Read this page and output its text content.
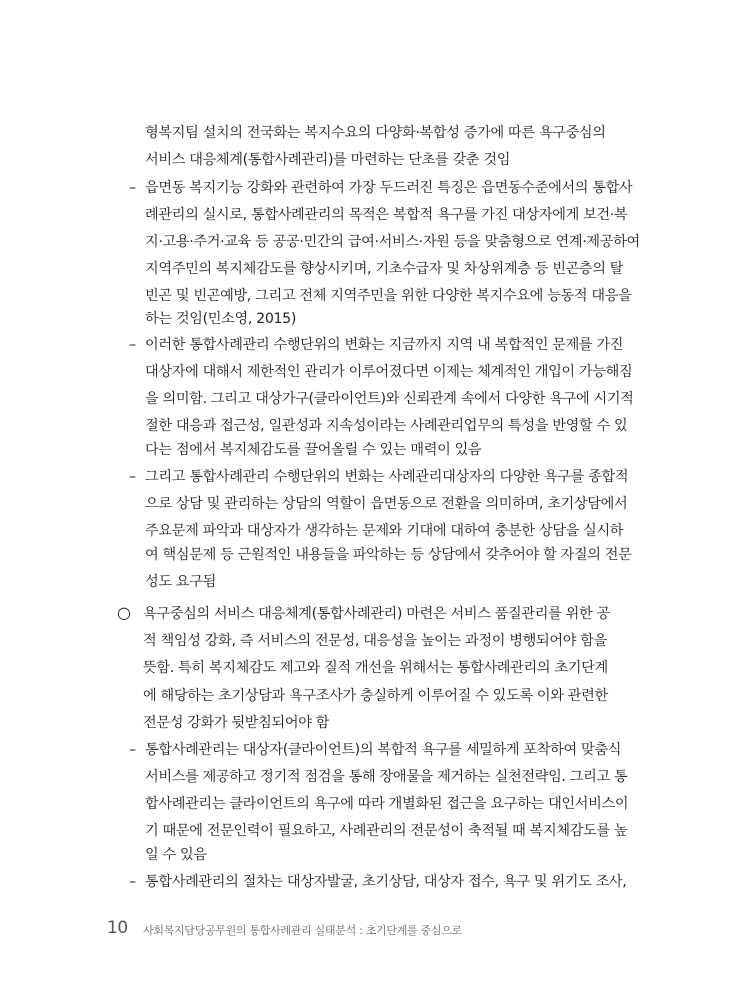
형복지팀 설치의 전국화는 복지수요의 다양화·복합성 증가에 따른 욕구중심의
서비스 대응체계(통합사례관리)를 마련하는 단초를 갖춘 것임
– 읍면동 복지기능 강화와 관련하여 가장 두드러진 특징은 읍면동수준에서의 통합사
례관리의 실시로, 통합사례관리의 목적은 복합적 욕구를 가진 대상자에게 보건·복
지·고용·주거·교육 등 공공·민간의 급여·서비스·자원 등을 맞춤형으로 연계·제공하여
지역주민의 복지체감도를 향상시키며, 기초수급자 및 차상위계층 등 빈곤층의 탈
빈곤 및 빈곤예방, 그리고 전체 지역주민을 위한 다양한 복지수요에 능동적 대응을
하는 것임(민소영, 2015)
– 이러한 통합사례관리 수행단위의 변화는 지금까지 지역 내 복합적인 문제를 가진
대상자에 대해서 제한적인 관리가 이루어졌다면 이제는 체계적인 개입이 가능해짐
을 의미함. 그리고 대상가구(클라이언트)와 신뢰관계 속에서 다양한 욕구에 시기적
절한 대응과 접근성, 일관성과 지속성이라는 사례관리업무의 특성을 반영할 수 있
다는 점에서 복지체감도를 끌어올릴 수 있는 매력이 있음
– 그리고 통합사례관리 수행단위의 변화는 사례관리대상자의 다양한 욕구를 종합적
으로 상담 및 관리하는 상담의 역할이 읍면동으로 전환을 의미하며, 초기상담에서
주요문제 파악과 대상자가 생각하는 문제와 기대에 대하여 충분한 상담을 실시하
여 핵심문제 등 근원적인 내용들을 파악하는 등 상담에서 갖추어야 할 자질의 전문
성도 요구됨
○ 욕구중심의 서비스 대응체계(통합사례관리) 마련은 서비스 품질관리를 위한 공
적 책임성 강화, 즉 서비스의 전문성, 대응성을 높이는 과정이 병행되어야 함을
뜻함. 특히 복지체감도 제고와 질적 개선을 위해서는 통합사례관리의 초기단계
에 해당하는 초기상담과 욕구조사가 충실하게 이루어질 수 있도록 이와 관련한
전문성 강화가 뒷받침되어야 함
– 통합사례관리는 대상자(클라이언트)의 복합적 욕구를 세밀하게 포착하여 맞춤식
서비스를 제공하고 정기적 점검을 통해 장애물을 제거하는 실천전략임. 그리고 통
합사례관리는 클라이언트의 욕구에 따라 개별화된 접근을 요구하는 대인서비스이
기 때문에 전문인력이 필요하고, 사례관리의 전문성이 축적될 때 복지체감도를 높
일 수 있음
– 통합사례관리의 절차는 대상자발굴, 초기상담, 대상자 접수, 욕구 및 위기도 조사,
10 사회복지담당공무원의 통합사례관리 실태분석 : 초기단계를 중심으로
